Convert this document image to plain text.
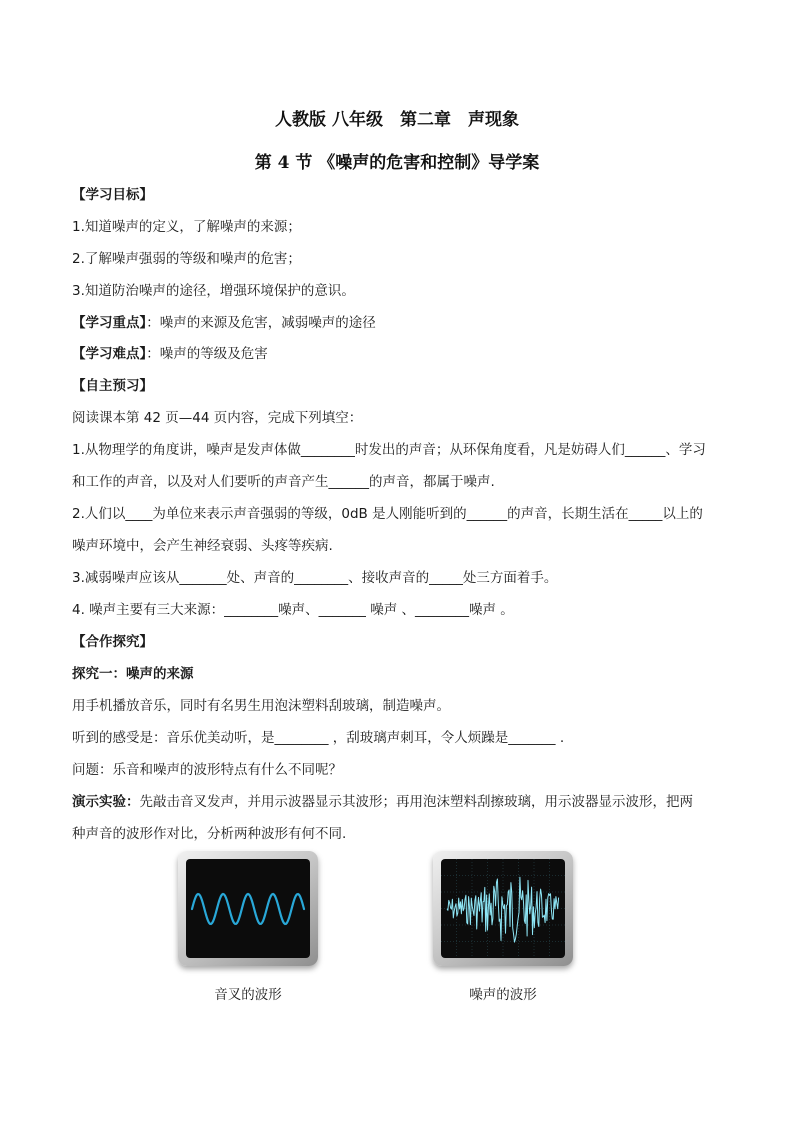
人教版 八年级　第二章　声现象
第 4 节 《噪声的危害和控制》导学案
【学习目标】
1.知道噪声的定义，了解噪声的来源；
2.了解噪声强弱的等级和噪声的危害；
3.知道防治噪声的途径，增强环境保护的意识。
【学习重点】：噪声的来源及危害，减弱噪声的途径
【学习难点】：噪声的等级及危害
【自主预习】
阅读课本第 42 页—44 页内容，完成下列填空：
1.从物理学的角度讲，噪声是发声体做________时发出的声音；从环保角度看，凡是妨碍人们______、学习
和工作的声音，以及对人们要听的声音产生______的声音，都属于噪声.
2.人们以____为单位来表示声音强弱的等级，0dB 是人刚能听到的______的声音，长期生活在_____以上的
噪声环境中，会产生神经衰弱、头疼等疾病.
3.减弱噪声应该从_______处、声音的________、接收声音的_____处三方面着手。
4. 噪声主要有三大来源：________噪声、_______ 噪声 、________噪声 。
【合作探究】
探究一：噪声的来源
用手机播放音乐，同时有名男生用泡沫塑料刮玻璃，制造噪声。
听到的感受是：音乐优美动听，是________ ，刮玻璃声刺耳，令人烦躁是_______ .
问题：乐音和噪声的波形特点有什么不同呢？
演示实验：先敲击音叉发声，并用示波器显示其波形；再用泡沫塑料刮擦玻璃，用示波器显示波形，把两
种声音的波形作对比，分析两种波形有何不同.
音叉的波形	噪声的波形
